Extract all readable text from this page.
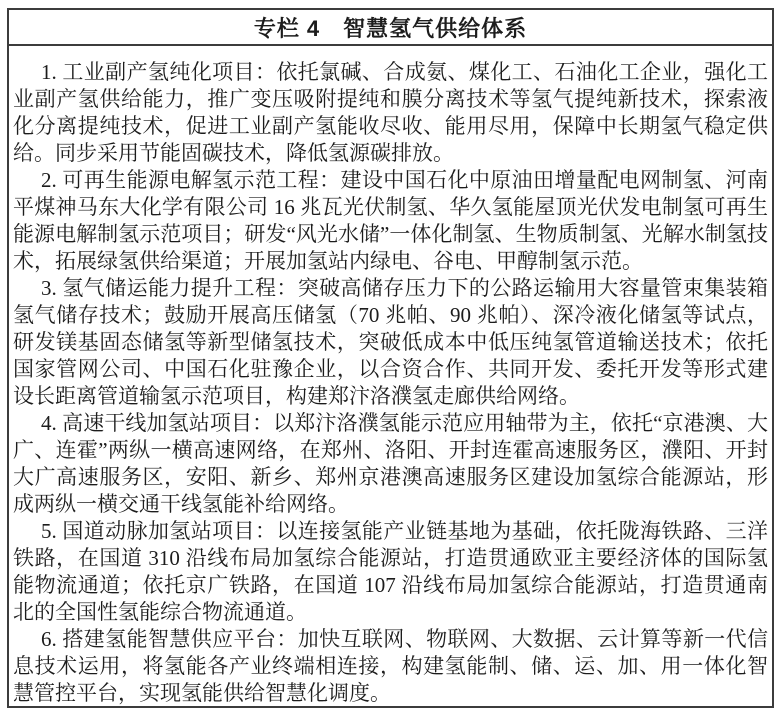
专栏 4　智慧氢气供给体系

1. 工业副产氢纯化项目：依托氯碱、合成氨、煤化工、石油化工企业，强化工业副产氢供给能力，推广变压吸附提纯和膜分离技术等氢气提纯新技术，探索液化分离提纯技术，促进工业副产氢能收尽收、能用尽用，保障中长期氢气稳定供给。同步采用节能固碳技术，降低氢源碳排放。

2. 可再生能源电解氢示范工程：建设中国石化中原油田增量配电网制氢、河南平煤神马东大化学有限公司 16 兆瓦光伏制氢、华久氢能屋顶光伏发电制氢可再生能源电解制氢示范项目；研发“风光水储”一体化制氢、生物质制氢、光解水制氢技术，拓展绿氢供给渠道；开展加氢站内绿电、谷电、甲醇制氢示范。

3. 氢气储运能力提升工程：突破高储存压力下的公路运输用大容量管束集装箱氢气储存技术；鼓励开展高压储氢（70 兆帕、90 兆帕）、深冷液化储氢等试点，研发镁基固态储氢等新型储氢技术，突破低成本中低压纯氢管道输送技术；依托国家管网公司、中国石化驻豫企业，以合资合作、共同开发、委托开发等形式建设长距离管道输氢示范项目，构建郑汴洛濮氢走廊供给网络。

4. 高速干线加氢站项目：以郑汴洛濮氢能示范应用轴带为主，依托“京港澳、大广、连霍”两纵一横高速网络，在郑州、洛阳、开封连霍高速服务区，濮阳、开封大广高速服务区，安阳、新乡、郑州京港澳高速服务区建设加氢综合能源站，形成两纵一横交通干线氢能补给网络。

5. 国道动脉加氢站项目：以连接氢能产业链基地为基础，依托陇海铁路、三洋铁路，在国道 310 沿线布局加氢综合能源站，打造贯通欧亚主要经济体的国际氢能物流通道；依托京广铁路，在国道 107 沿线布局加氢综合能源站，打造贯通南北的全国性氢能综合物流通道。

6. 搭建氢能智慧供应平台：加快互联网、物联网、大数据、云计算等新一代信息技术运用，将氢能各产业终端相连接，构建氢能制、储、运、加、用一体化智慧管控平台，实现氢能供给智慧化调度。
